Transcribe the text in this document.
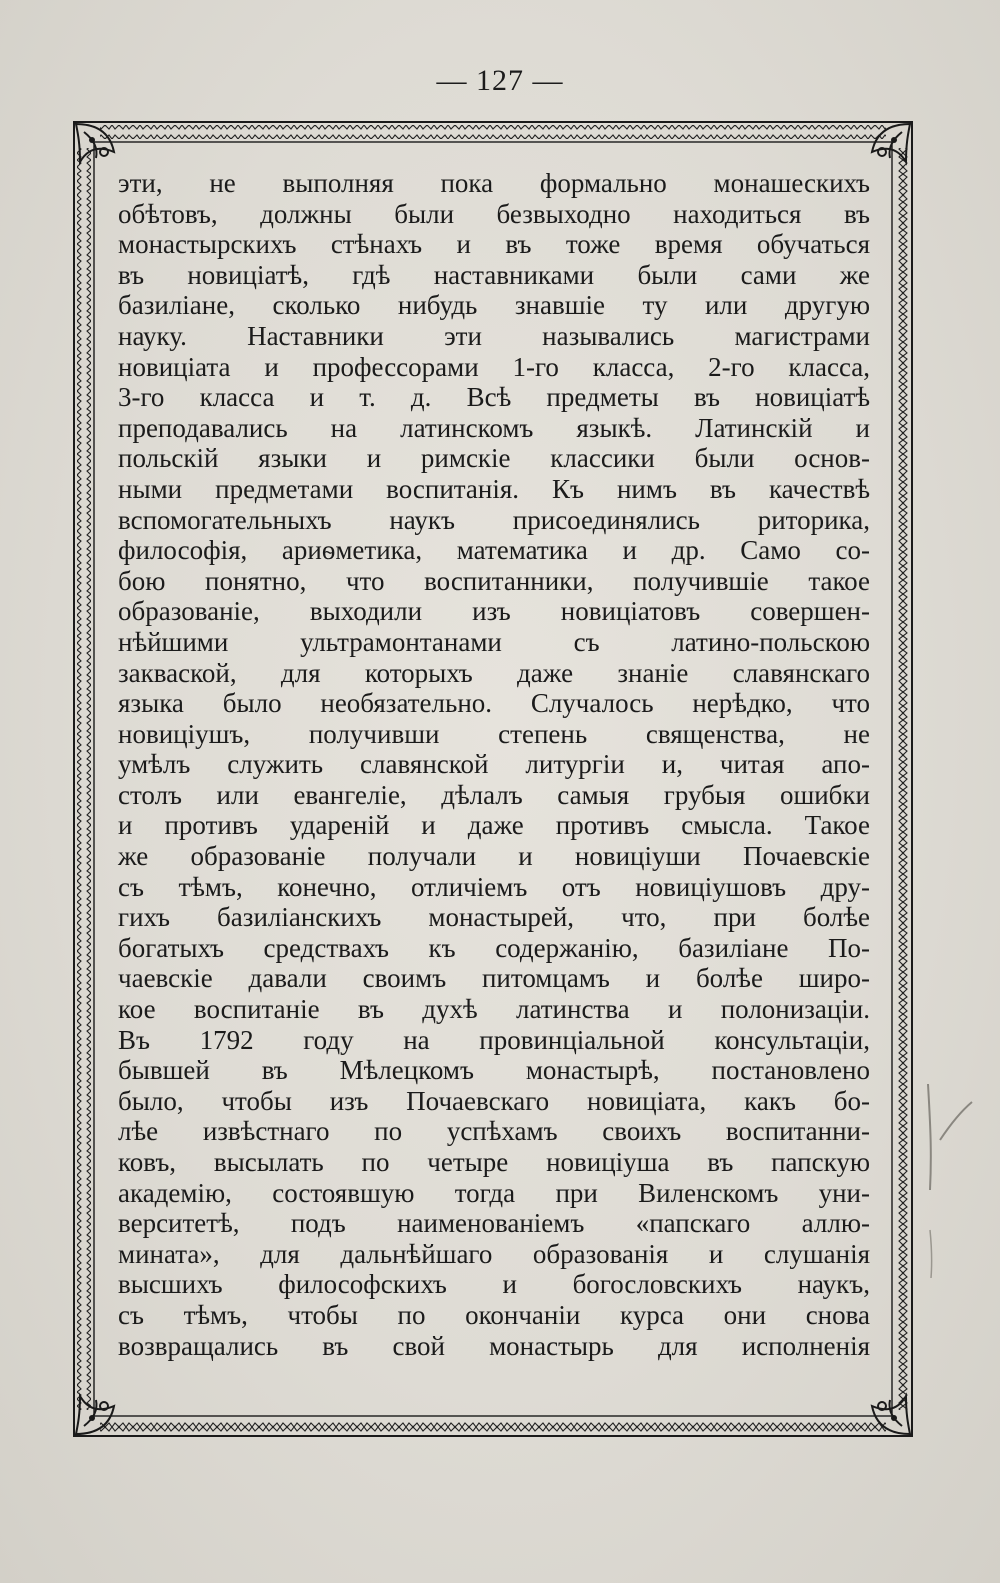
— 127 —
эти, не выполняя пока формально монашескихъ
обѣтовъ, должны были безвыходно находиться въ
монастырскихъ стѣнахъ и въ тоже время обучаться
въ новиціатѣ, гдѣ наставниками были сами же
базиліане, сколько нибудь знавшіе ту или другую
науку. Наставники эти назывались магистрами
новиціата и профессорами 1-го класса, 2-го класса,
3-го класса и т. д. Всѣ предметы въ новиціатѣ
преподавались на латинскомъ языкѣ. Латинскій и
польскій языки и римскіе классики были основ-
ными предметами воспитанія. Къ нимъ въ качествѣ
вспомогательныхъ наукъ присоединялись риторика,
философія, ариѳметика, математика и др. Само со-
бою понятно, что воспитанники, получившіе такое
образованіе, выходили изъ новиціатовъ совершен-
нѣйшими ультрамонтанами съ латино-польскою
закваской, для которыхъ даже знаніе славянскаго
языка было необязательно. Случалось нерѣдко, что
новиціушъ, получивши степень священства, не
умѣлъ служить славянской литургіи и, читая апо-
столъ или евангеліе, дѣлалъ самыя грубыя ошибки
и противъ удареній и даже противъ смысла. Такое
же образованіе получали и новиціуши Почаевскіе
съ тѣмъ, конечно, отличіемъ отъ новиціушовъ дру-
гихъ базиліанскихъ монастырей, что, при болѣе
богатыхъ средствахъ къ содержанію, базиліане По-
чаевскіе давали своимъ питомцамъ и болѣе широ-
кое воспитаніе въ духѣ латинства и полонизаціи.
Въ 1792 году на провинціальной консультаціи,
бывшей въ Мѣлецкомъ монастырѣ, постановлено
было, чтобы изъ Почаевскаго новиціата, какъ бо-
лѣе извѣстнаго по успѣхамъ своихъ воспитанни-
ковъ, высылать по четыре новиціуша въ папскую
академію, состоявшую тогда при Виленскомъ уни-
верситетѣ, подъ наименованіемъ «папскаго аллю-
мината», для дальнѣйшаго образованія и слушанія
высшихъ философскихъ и богословскихъ наукъ,
съ тѣмъ, чтобы по окончаніи курса они снова
возвращались въ свой монастырь для исполненія
